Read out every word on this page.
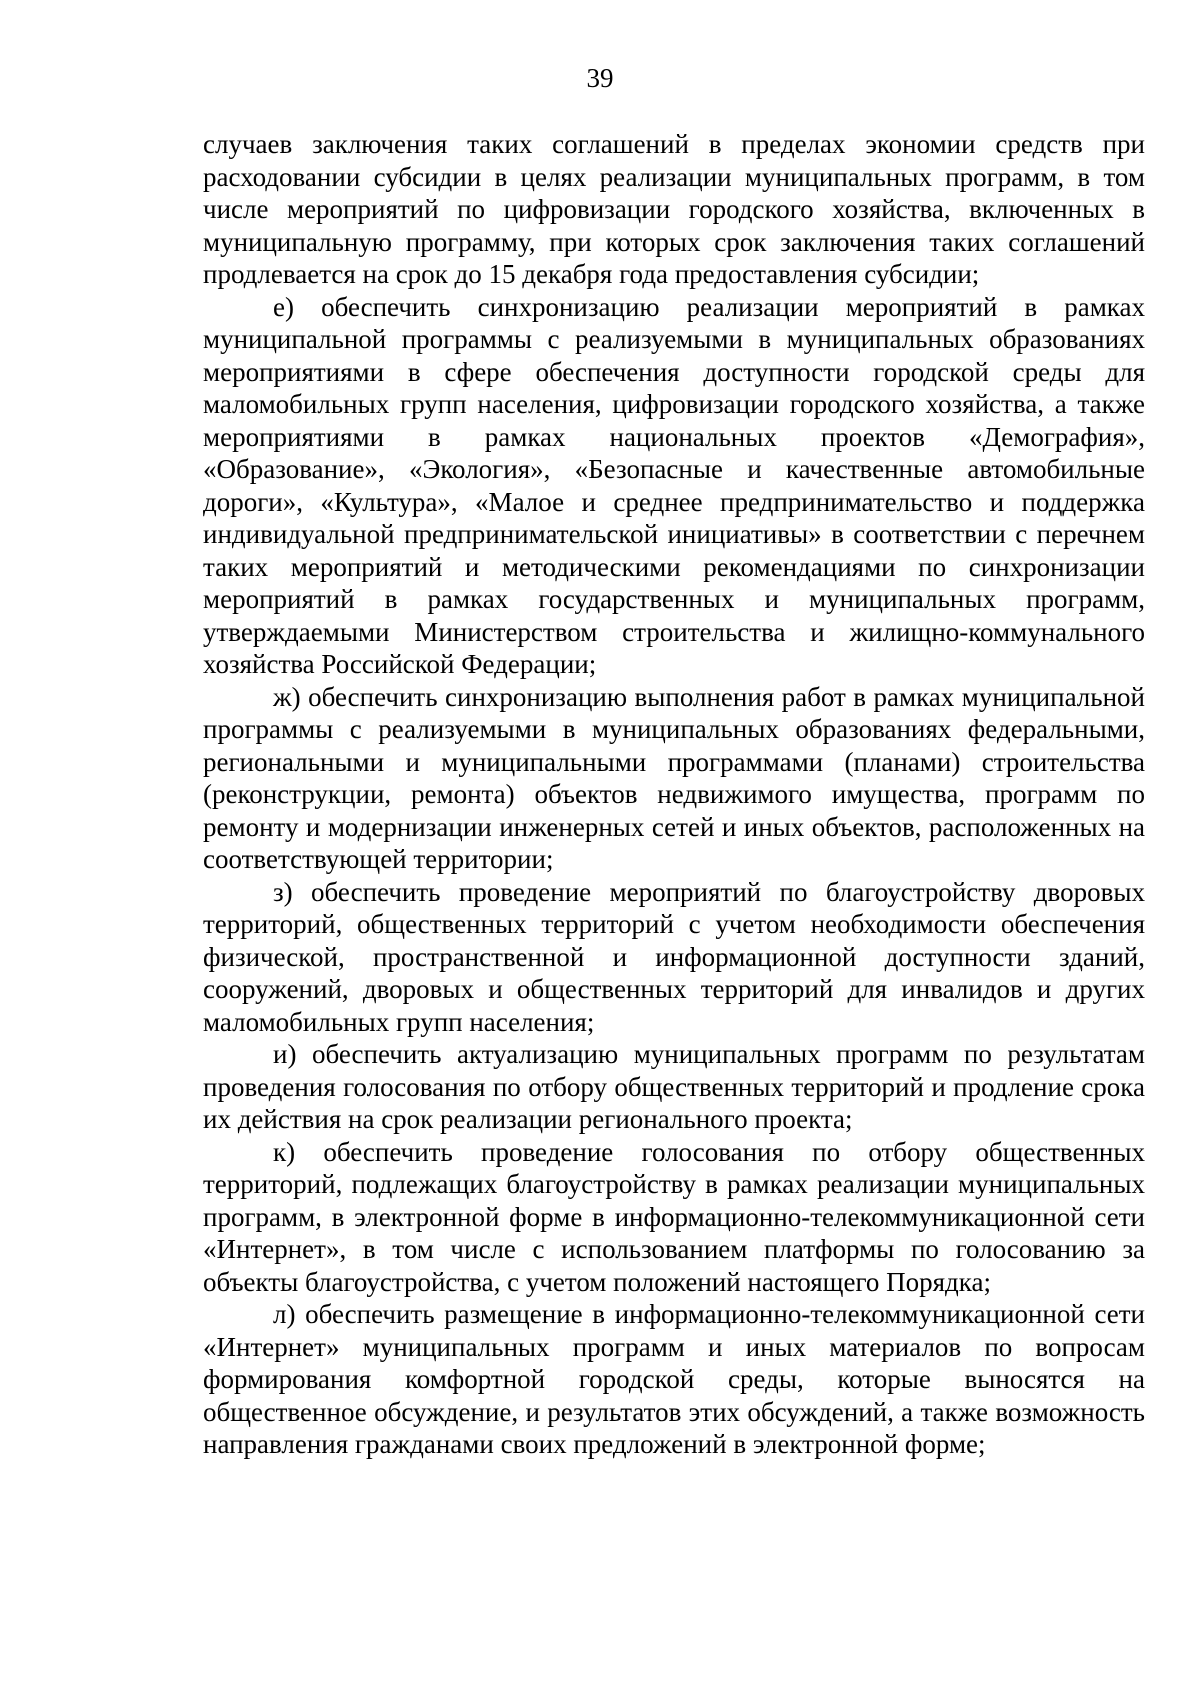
39

случаев заключения таких соглашений в пределах экономии средств при расходовании субсидии в целях реализации муниципальных программ, в том числе мероприятий по цифровизации городского хозяйства, включенных в муниципальную программу, при которых срок заключения таких соглашений продлевается на срок до 15 декабря года предоставления субсидии;

е) обеспечить синхронизацию реализации мероприятий в рамках муниципальной программы с реализуемыми в муниципальных образованиях мероприятиями в сфере обеспечения доступности городской среды для маломобильных групп населения, цифровизации городского хозяйства, а также мероприятиями в рамках национальных проектов «Демография», «Образование», «Экология», «Безопасные и качественные автомобильные дороги», «Культура», «Малое и среднее предпринимательство и поддержка индивидуальной предпринимательской инициативы» в соответствии с перечнем таких мероприятий и методическими рекомендациями по синхронизации мероприятий в рамках государственных и муниципальных программ, утверждаемыми Министерством строительства и жилищно-коммунального хозяйства Российской Федерации;

ж) обеспечить синхронизацию выполнения работ в рамках муниципальной программы с реализуемыми в муниципальных образованиях федеральными, региональными и муниципальными программами (планами) строительства (реконструкции, ремонта) объектов недвижимого имущества, программ по ремонту и модернизации инженерных сетей и иных объектов, расположенных на соответствующей территории;

з) обеспечить проведение мероприятий по благоустройству дворовых территорий, общественных территорий с учетом необходимости обеспечения физической, пространственной и информационной доступности зданий, сооружений, дворовых и общественных территорий для инвалидов и других маломобильных групп населения;

и) обеспечить актуализацию муниципальных программ по результатам проведения голосования по отбору общественных территорий и продление срока их действия на срок реализации регионального проекта;

к) обеспечить проведение голосования по отбору общественных территорий, подлежащих благоустройству в рамках реализации муниципальных программ, в электронной форме в информационно-телекоммуникационной сети «Интернет», в том числе с использованием платформы по голосованию за объекты благоустройства, с учетом положений настоящего Порядка;

л) обеспечить размещение в информационно-телекоммуникационной сети «Интернет» муниципальных программ и иных материалов по вопросам формирования комфортной городской среды, которые выносятся на общественное обсуждение, и результатов этих обсуждений, а также возможность направления гражданами своих предложений в электронной форме;
